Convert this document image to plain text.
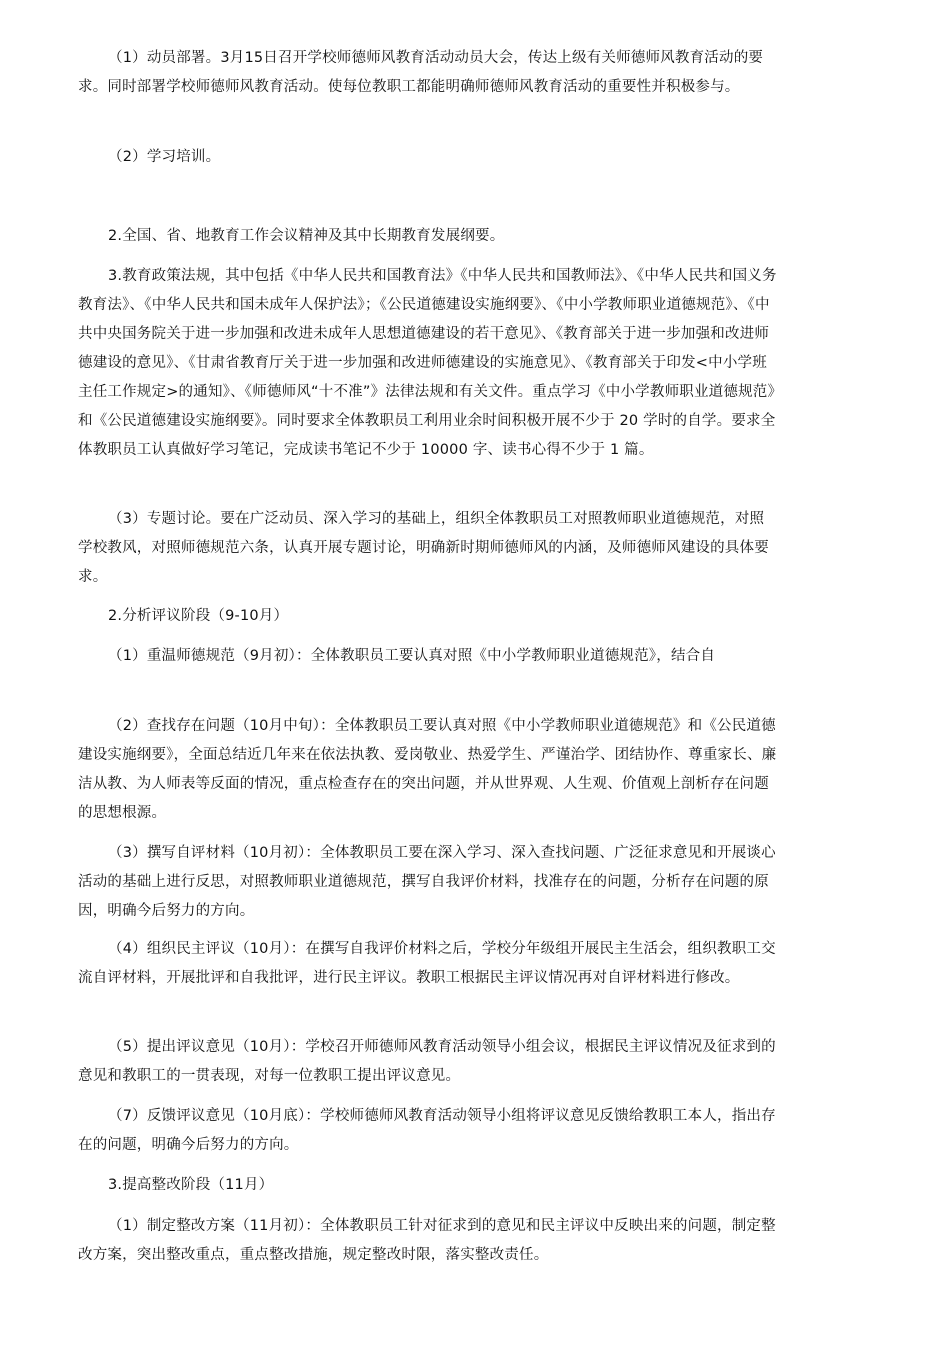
（1）动员部署。3月15日召开学校师德师风教育活动动员大会，传达上级有关师德师风教育活动的要求。同时部署学校师德师风教育活动。使每位教职工都能明确师德师风教育活动的重要性并积极参与。

（2）学习培训。

2.全国、省、地教育工作会议精神及其中长期教育发展纲要。

3.教育政策法规，其中包括《中华人民共和国教育法》《中华人民共和国教师法》、《中华人民共和国义务教育法》、《中华人民共和国未成年人保护法》；《公民道德建设实施纲要》、《中小学教师职业道德规范》、《中共中央国务院关于进一步加强和改进未成年人思想道德建设的若干意见》、《教育部关于进一步加强和改进师德建设的意见》、《甘肃省教育厅关于进一步加强和改进师德建设的实施意见》、《教育部关于印发<中小学班主任工作规定>的通知》、《师德师风“十不准”》法律法规和有关文件。重点学习《中小学教师职业道德规范》和《公民道德建设实施纲要》。同时要求全体教职员工利用业余时间积极开展不少于 20 学时的自学。要求全体教职员工认真做好学习笔记，完成读书笔记不少于 10000 字、读书心得不少于 1 篇。

（3）专题讨论。要在广泛动员、深入学习的基础上，组织全体教职员工对照教师职业道德规范，对照学校教风，对照师德规范六条，认真开展专题讨论，明确新时期师德师风的内涵，及师德师风建设的具体要求。

2.分析评议阶段（9-10月）

（1）重温师德规范（9月初）：全体教职员工要认真对照《中小学教师职业道德规范》，结合自

（2）查找存在问题（10月中旬）：全体教职员工要认真对照《中小学教师职业道德规范》和《公民道德建设实施纲要》，全面总结近几年来在依法执教、爱岗敬业、热爱学生、严谨治学、团结协作、尊重家长、廉洁从教、为人师表等反面的情况，重点检查存在的突出问题，并从世界观、人生观、价值观上剖析存在问题的思想根源。

（3）撰写自评材料（10月初）：全体教职员工要在深入学习、深入查找问题、广泛征求意见和开展谈心活动的基础上进行反思，对照教师职业道德规范，撰写自我评价材料，找准存在的问题，分析存在问题的原因，明确今后努力的方向。

（4）组织民主评议（10月）：在撰写自我评价材料之后，学校分年级组开展民主生活会，组织教职工交流自评材料，开展批评和自我批评，进行民主评议。教职工根据民主评议情况再对自评材料进行修改。

（5）提出评议意见（10月）：学校召开师德师风教育活动领导小组会议，根据民主评议情况及征求到的意见和教职工的一贯表现，对每一位教职工提出评议意见。

（7）反馈评议意见（10月底）：学校师德师风教育活动领导小组将评议意见反馈给教职工本人，指出存在的问题，明确今后努力的方向。

3.提高整改阶段（11月）

（1）制定整改方案（11月初）：全体教职员工针对征求到的意见和民主评议中反映出来的问题，制定整改方案，突出整改重点，重点整改措施，规定整改时限，落实整改责任。
